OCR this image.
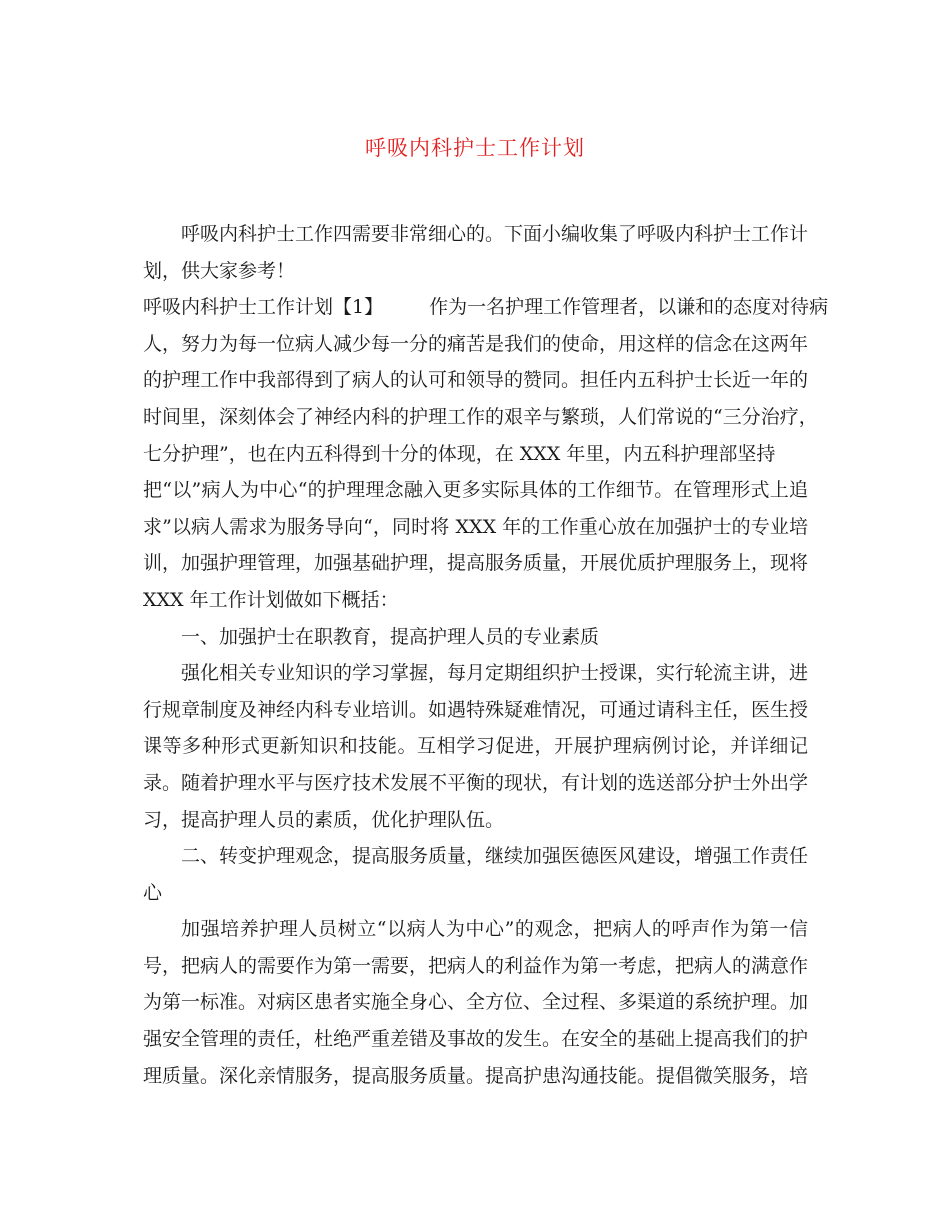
呼吸内科护士工作计划
呼吸内科护士工作四需要非常细心的。下面小编收集了呼吸内科护士工作计
划，供大家参考！
呼吸内科护士工作计划【1】 作为一名护理工作管理者，以谦和的态度对待病
人，努力为每一位病人减少每一分的痛苦是我们的使命，用这样的信念在这两年
的护理工作中我部得到了病人的认可和领导的赞同。担任内五科护士长近一年的
时间里，深刻体会了神经内科的护理工作的艰辛与繁琐，人们常说的“三分治疗，
七分护理”，也在内五科得到十分的体现，在 XXX 年里，内五科护理部坚持
把“以”病人为中心“的护理理念融入更多实际具体的工作细节。在管理形式上追
求”以病人需求为服务导向“，同时将 XXX 年的工作重心放在加强护士的专业培
训，加强护理管理，加强基础护理，提高服务质量，开展优质护理服务上，现将
XXX 年工作计划做如下概括：
一、加强护士在职教育，提高护理人员的专业素质
强化相关专业知识的学习掌握，每月定期组织护士授课，实行轮流主讲，进
行规章制度及神经内科专业培训。如遇特殊疑难情况，可通过请科主任，医生授
课等多种形式更新知识和技能。互相学习促进，开展护理病例讨论，并详细记
录。随着护理水平与医疗技术发展不平衡的现状，有计划的选送部分护士外出学
习，提高护理人员的素质，优化护理队伍。
二、转变护理观念，提高服务质量，继续加强医德医风建设，增强工作责任
心
加强培养护理人员树立“以病人为中心”的观念，把病人的呼声作为第一信
号，把病人的需要作为第一需要，把病人的利益作为第一考虑，把病人的满意作
为第一标准。对病区患者实施全身心、全方位、全过程、多渠道的系统护理。加
强安全管理的责任，杜绝严重差错及事故的发生。在安全的基础上提高我们的护
理质量。深化亲情服务，提高服务质量。提高护患沟通技能。提倡微笑服务，培
